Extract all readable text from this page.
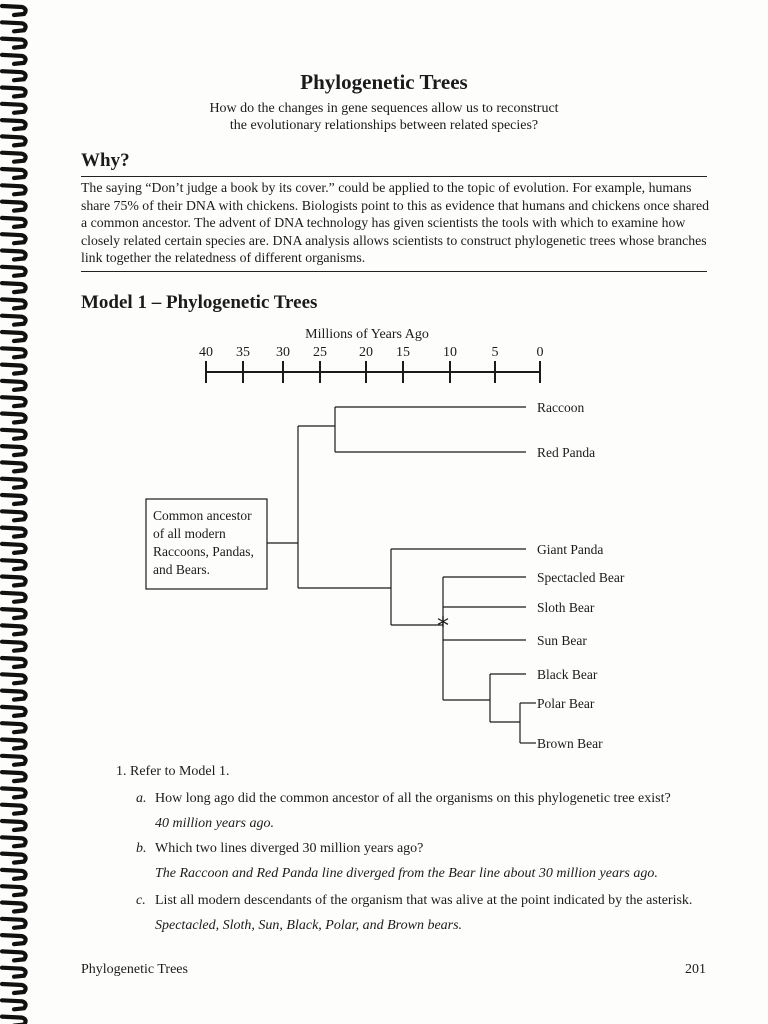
Phylogenetic Trees
How do the changes in gene sequences allow us to reconstruct the evolutionary relationships between related species?
Why?
The saying “Don’t judge a book by its cover.” could be applied to the topic of evolution. For example, humans share 75% of their DNA with chickens. Biologists point to this as evidence that humans and chickens once shared a common ancestor. The advent of DNA technology has given scientists the tools with which to examine how closely related certain species are. DNA analysis allows scientists to construct phylogenetic trees whose branches link together the relatedness of different organisms.
Model 1 – Phylogenetic Trees
Millions of Years Ago
40 35 30 25 20 15 10 5	0
Common ancestor
of all modern
Raccoons, Pandas,
and Bears.
*
Raccoon
Red Panda
Giant Panda
Spectacled Bear
Sloth Bear
Sun Bear
Black Bear
Polar Bear
Brown Bear
1. Refer to Model 1.
a. How long ago did the common ancestor of all the organisms on this phylogenetic tree exist?
40 million years ago.
b. Which two lines diverged 30 million years ago?
The Raccoon and Red Panda line diverged from the Bear line about 30 million years ago.
c. List all modern descendants of the organism that was alive at the point indicated by the asterisk.
Spectacled, Sloth, Sun, Black, Polar, and Brown bears.
Phylogenetic Trees	201
